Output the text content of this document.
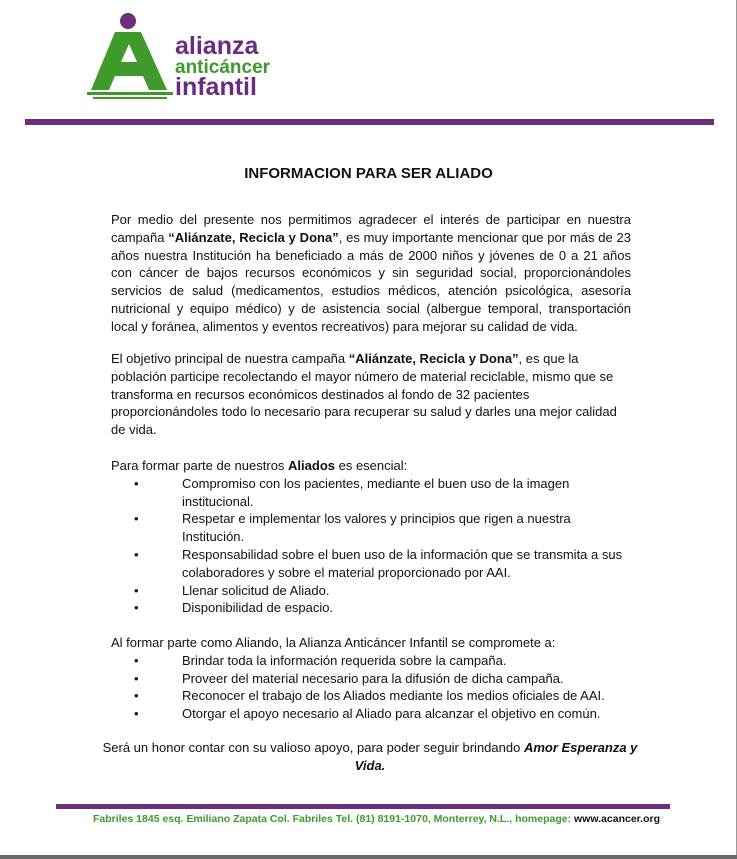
alianza
anticáncer
infantil
INFORMACION PARA SER ALIADO
Por medio del presente nos permitimos agradecer el interés de participar en nuestra campaña “Aliánzate, Recicla y Dona”, es muy importante mencionar que por más de 23 años nuestra Institución ha beneficiado a más de 2000 niños y jóvenes de 0 a 21 años con cáncer de bajos recursos económicos y sin seguridad social, proporcionándoles servicios de salud (medicamentos, estudios médicos, atención psicológica, asesoría nutricional y equipo médico) y de asistencia social (albergue temporal, transportación local y foránea, alimentos y eventos recreativos) para mejorar su calidad de vida.
El objetivo principal de nuestra campaña “Aliánzate, Recicla y Dona”, es que la población participe recolectando el mayor número de material reciclable, mismo que se transforma en recursos económicos destinados al fondo de 32 pacientes proporcionándoles todo lo necesario para recuperar su salud y darles una mejor calidad de vida.
Para formar parte de nuestros Aliados es esencial:
•	Compromiso con los pacientes, mediante el buen uso de la imagen institucional.
•	Respetar e implementar los valores y principios que rigen a nuestra Institución.
•	Responsabilidad sobre el buen uso de la información que se transmita a sus colaboradores y sobre el material proporcionado por AAI.
•	Llenar solicitud de Aliado.
•	Disponibilidad de espacio.
Al formar parte como Aliando, la Alianza Anticáncer Infantil se compromete a:
•	Brindar toda la información requerida sobre la campaña.
•	Proveer del material necesario para la difusión de dicha campaña.
•	Reconocer el trabajo de los Aliados mediante los medios oficiales de AAI.
•	Otorgar el apoyo necesario al Aliado para alcanzar el objetivo en común.
Será un honor contar con su valioso apoyo, para poder seguir brindando Amor Esperanza y Vida.
Fabriles 1845 esq. Emiliano Zapata Col. Fabriles Tel. (81) 8191-1070, Monterrey, N.L., homepage: www.acancer.org
